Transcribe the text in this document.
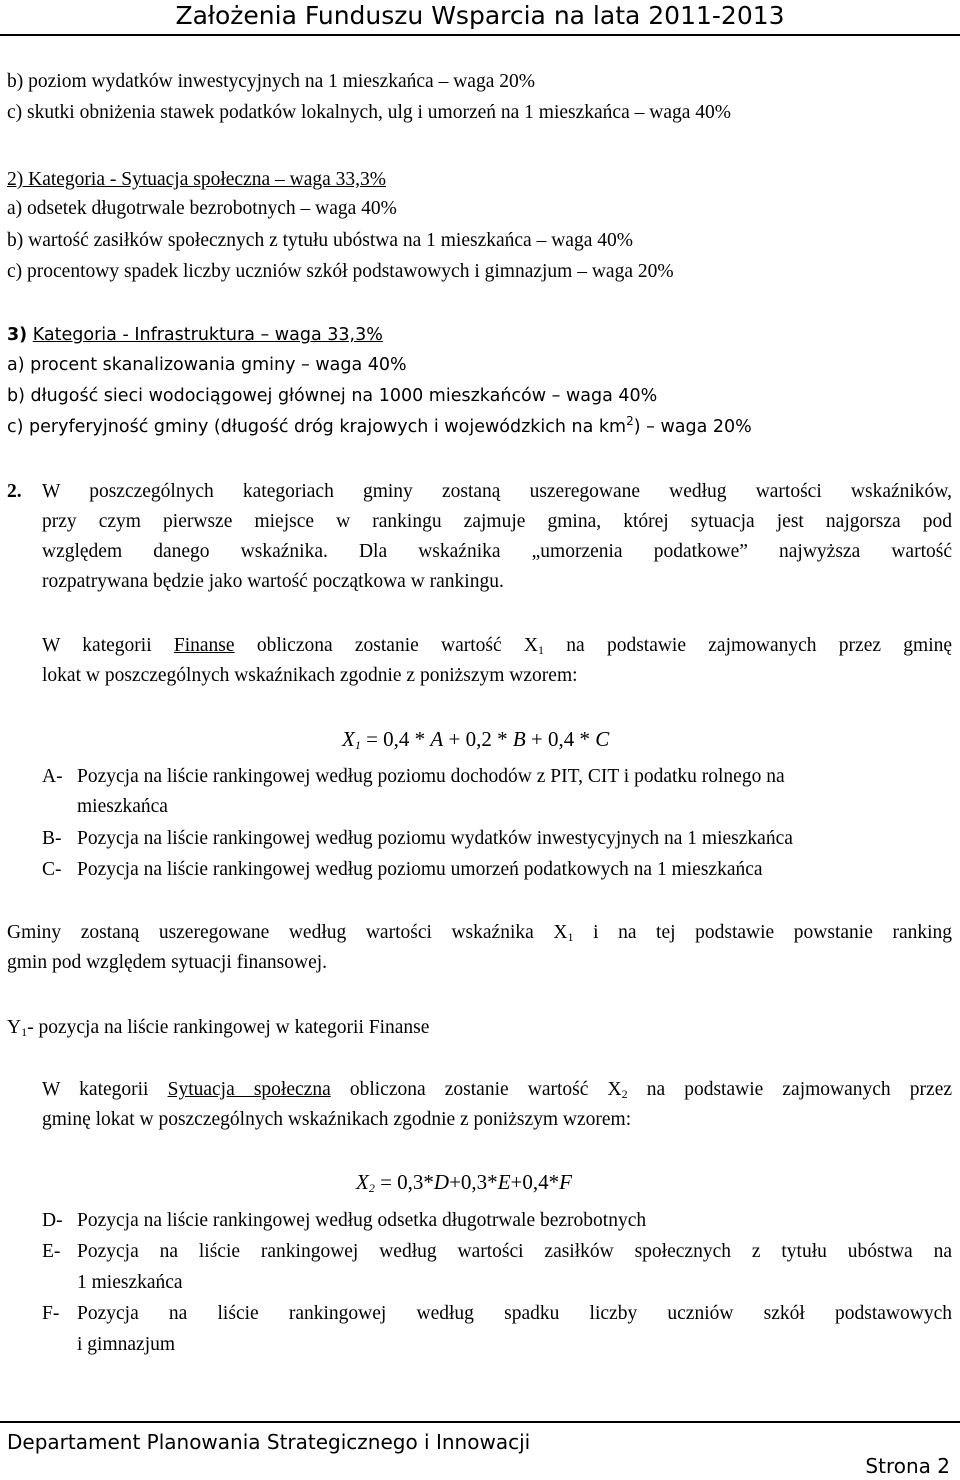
Założenia Funduszu Wsparcia na lata 2011-2013
b) poziom wydatków inwestycyjnych na 1 mieszkańca – waga 20%
c) skutki obniżenia stawek podatków lokalnych, ulg i umorzeń na 1 mieszkańca – waga 40%
2) Kategoria - Sytuacja społeczna – waga 33,3%
a) odsetek długotrwale bezrobotnych – waga 40%
b) wartość zasiłków społecznych z tytułu ubóstwa na 1 mieszkańca – waga 40%
c) procentowy spadek liczby uczniów szkół podstawowych i gimnazjum – waga 20%
3) Kategoria - Infrastruktura – waga 33,3%
a) procent skanalizowania gminy – waga 40%
b) długość sieci wodociągowej głównej na 1000 mieszkańców – waga 40%
c) peryferyjność gminy (długość dróg krajowych i wojewódzkich na $km^2$) – waga 20%
2. W poszczególnych kategoriach gminy zostaną uszeregowane według wartości wskaźników,
przy czym pierwsze miejsce w rankingu zajmuje gmina, której sytuacja jest najgorsza pod
względem danego wskaźnika. Dla wskaźnika „umorzenia podatkowe” najwyższa wartość
rozpatrywana będzie jako wartość początkowa w rankingu.
W kategorii Finanse obliczona zostanie wartość $X_1$ na podstawie zajmowanych przez gminę
lokat w poszczególnych wskaźnikach zgodnie z poniższym wzorem:
$X_1 = 0,4 * A + 0,2 * B + 0,4 * C$
A- Pozycja na liście rankingowej według poziomu dochodów z PIT, CIT i podatku rolnego na
mieszkańca
B- Pozycja na liście rankingowej według poziomu wydatków inwestycyjnych na 1 mieszkańca
C- Pozycja na liście rankingowej według poziomu umorzeń podatkowych na 1 mieszkańca
Gminy zostaną uszeregowane według wartości wskaźnika $X_1$ i na tej podstawie powstanie ranking
gmin pod względem sytuacji finansowej.
$Y_1-$ pozycja na liście rankingowej w kategorii Finanse
W kategorii Sytuacja społeczna obliczona zostanie wartość $X_2$ na podstawie zajmowanych przez
gminę lokat w poszczególnych wskaźnikach zgodnie z poniższym wzorem:
$X_2 = 0,3*D+0,3*E+0,4*F$
D- Pozycja na liście rankingowej według odsetka długotrwale bezrobotnych
E- Pozycja na liście rankingowej według wartości zasiłków społecznych z tytułu ubóstwa na
1 mieszkańca
F- Pozycja na liście rankingowej według spadku liczby uczniów szkół podstawowych
i gimnazjum
Departament Planowania Strategicznego i Innowacji
Strona 2
